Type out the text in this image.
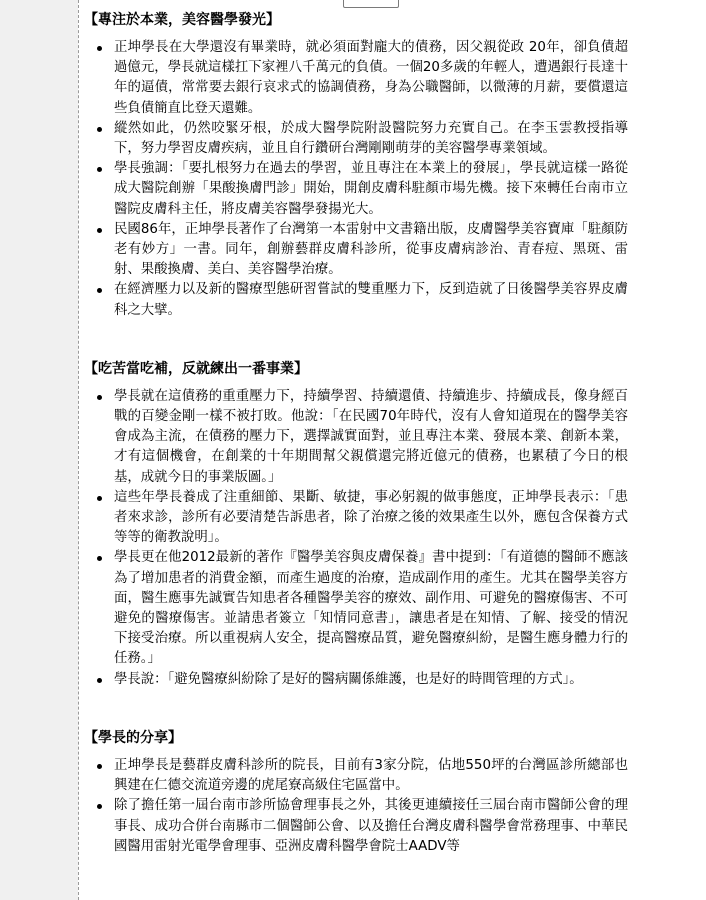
【專注於本業，美容醫學發光】
正坤學長在大學還沒有畢業時，就必須面對龐大的債務，因父親從政 20年，卻負債超過億元，學長就這樣扛下家裡八千萬元的負債。一個20多歲的年輕人，遭遇銀行長達十年的逼債，常常要去銀行哀求式的協調債務，身為公職醫師，以微薄的月薪，要償還這些負債簡直比登天還難。
縱然如此，仍然咬緊牙根，於成大醫學院附設醫院努力充實自己。在李玉雲教授指導下，努力學習皮膚疾病，並且自行鑽研台灣剛剛萌芽的美容醫學專業領域。
學長強調：「要扎根努力在過去的學習，並且專注在本業上的發展」，學長就這樣一路從成大醫院創辦「果酸換膚門診」開始，開創皮膚科駐顏市場先機。接下來轉任台南市立醫院皮膚科主任，將皮膚美容醫學發揚光大。
民國86年，正坤學長著作了台灣第一本雷射中文書籍出版，皮膚醫學美容寶庫「駐顏防老有妙方」一書。同年，創辦藝群皮膚科診所，從事皮膚病診治、青春痘、黑斑、雷射、果酸換膚、美白、美容醫學治療。
在經濟壓力以及新的醫療型態研習嘗試的雙重壓力下，反到造就了日後醫學美容界皮膚科之大擘。
【吃苦當吃補，反就練出一番事業】
學長就在這債務的重重壓力下，持續學習、持續還債、持續進步、持續成長，像身經百戰的百變金剛一樣不被打敗。他說：「在民國70年時代，沒有人會知道現在的醫學美容會成為主流，在債務的壓力下，選擇誠實面對，並且專注本業、發展本業、創新本業，才有這個機會，在創業的十年期間幫父親償還完將近億元的債務，也累積了今日的根基，成就今日的事業版圖。」
這些年學長養成了注重細節、果斷、敏捷，事必躬親的做事態度，正坤學長表示：「患者來求診，診所有必要清楚告訴患者，除了治療之後的效果產生以外，應包含保養方式等等的衛教說明」。
學長更在他2012最新的著作『醫學美容與皮膚保養』書中提到：「有道德的醫師不應該為了增加患者的消費金額，而產生過度的治療，造成副作用的產生。尤其在醫學美容方面，醫生應事先誠實告知患者各種醫學美容的療效、副作用、可避免的醫療傷害、不可避免的醫療傷害。並請患者簽立「知情同意書」，讓患者是在知情、了解、接受的情況下接受治療。所以重視病人安全，提高醫療品質，避免醫療糾紛，是醫生應身體力行的任務。」
學長說：「避免醫療糾紛除了是好的醫病關係維護，也是好的時間管理的方式」。
【學長的分享】
正坤學長是藝群皮膚科診所的院長，目前有3家分院，佔地550坪的台灣區診所總部也興建在仁德交流道旁邊的虎尾寮高級住宅區當中。
除了擔任第一屆台南市診所協會理事長之外，其後更連續接任三屆台南市醫師公會的理事長、成功合併台南縣市二個醫師公會、以及擔任台灣皮膚科醫學會常務理事、中華民國醫用雷射光電學會理事、亞洲皮膚科醫學會院士AADV等
